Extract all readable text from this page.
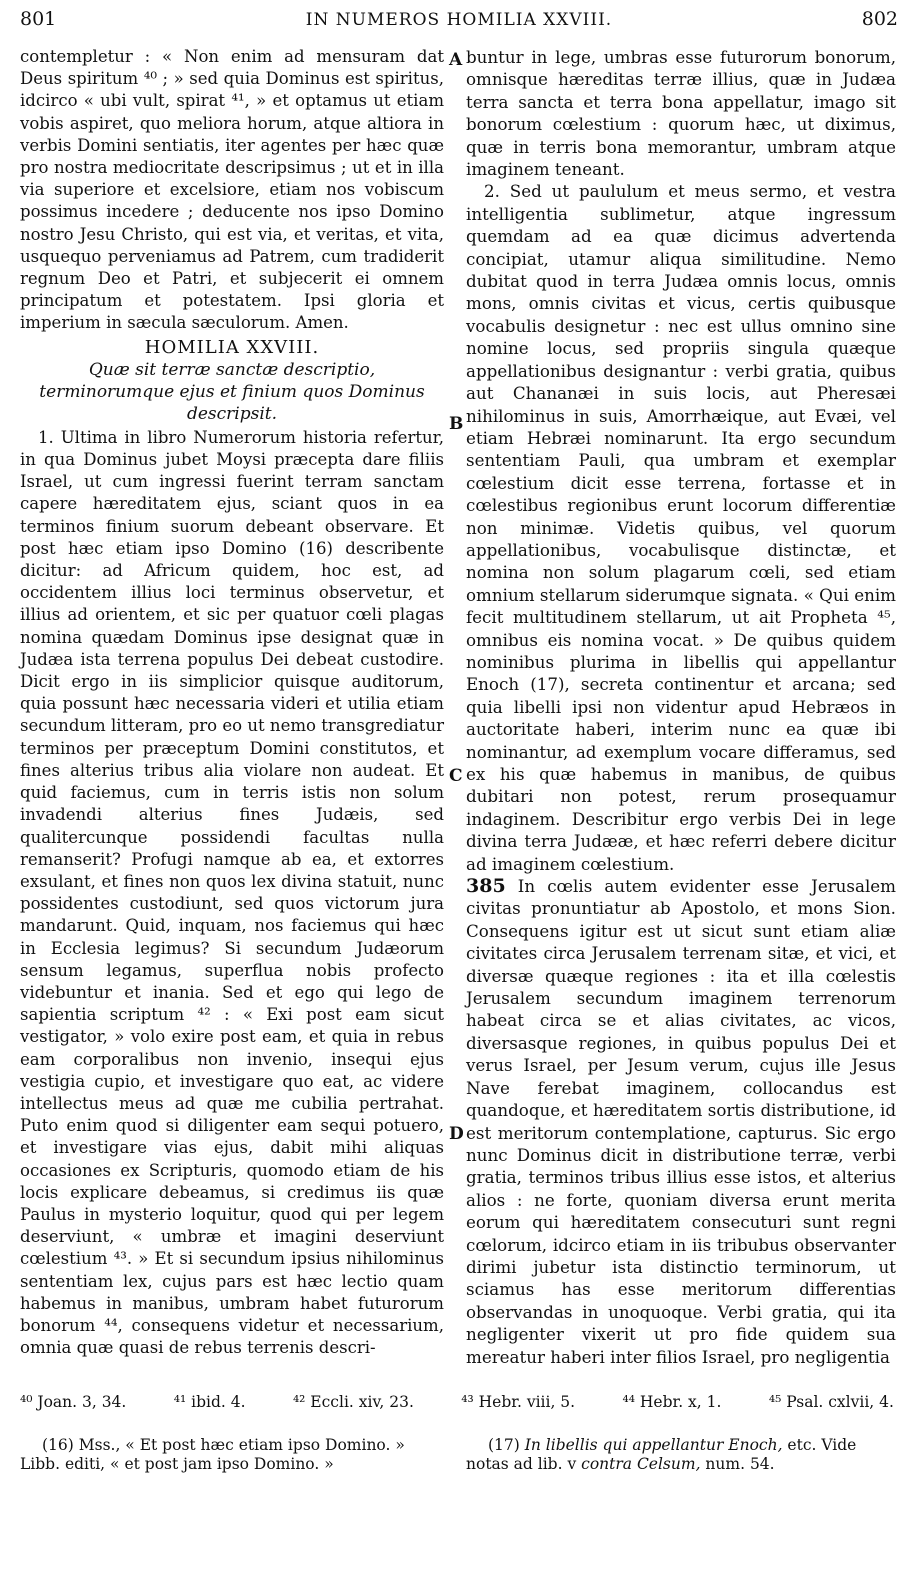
801	IN NUMEROS HOMILIA XXVIII.	802
A
B
C
D

contempletur : « Non enim ad mensuram dat Deus spiritum ⁴⁰ ; » sed quia Dominus est spiritus, idcirco « ubi vult, spirat ⁴¹, » et optamus ut etiam vobis aspiret, quo meliora horum, atque altiora in verbis Domini sentiatis, iter agentes per hæc quæ pro nostra mediocritate descripsimus ; ut et in illa via superiore et excelsiore, etiam nos vobiscum possimus incedere ; deducente nos ipso Domino nostro Jesu Christo, qui est via, et veritas, et vita, usquequo perveniamus ad Patrem, cum tradiderit regnum Deo et Patri, et subjecerit ei omnem principatum et potestatem. Ipsi gloria et imperium in sæcula sæculorum. Amen.

HOMILIA XXVIII.
Quæ sit terræ sanctæ descriptio, terminorumque ejus et finium quos Dominus descripsit.

1. Ultima in libro Numerorum historia refertur, in qua Dominus jubet Moysi præcepta dare filiis Israel, ut cum ingressi fuerint terram sanctam capere hæreditatem ejus, sciant quos in ea terminos finium suorum debeant observare. Et post hæc etiam ipso Domino (16) describente dicitur: ad Africum quidem, hoc est, ad occidentem illius loci terminus observetur, et illius ad orientem, et sic per quatuor cœli plagas nomina quædam Dominus ipse designat quæ in Judæa ista terrena populus Dei debeat custodire. Dicit ergo in iis simplicior quisque auditorum, quia possunt hæc necessaria videri et utilia etiam secundum litteram, pro eo ut nemo transgrediatur terminos per præceptum Domini constitutos, et fines alterius tribus alia violare non audeat. Et quid faciemus, cum in terris istis non solum invadendi alterius fines Judæis, sed qualitercunque possidendi facultas nulla remanserit? Profugi namque ab ea, et extorres exsulant, et fines non quos lex divina statuit, nunc possidentes custodiunt, sed quos victorum jura mandarunt. Quid, inquam, nos faciemus qui hæc in Ecclesia legimus? Si secundum Judæorum sensum legamus, superflua nobis profecto videbuntur et inania. Sed et ego qui lego de sapientia scriptum ⁴² : « Exi post eam sicut vestigator, » volo exire post eam, et quia in rebus eam corporalibus non invenio, insequi ejus vestigia cupio, et investigare quo eat, ac videre intellectus meus ad quæ me cubilia pertrahat. Puto enim quod si diligenter eam sequi potuero, et investigare vias ejus, dabit mihi aliquas occasiones ex Scripturis, quomodo etiam de his locis explicare debeamus, si credimus iis quæ Paulus in mysterio loquitur, quod qui per legem deserviunt, « umbræ et imagini deserviunt cœlestium ⁴³. » Et si secundum ipsius nihilominus sententiam lex, cujus pars est hæc lectio quam habemus in manibus, umbram habet futurorum bonorum ⁴⁴, consequens videtur et necessarium, omnia quæ quasi de rebus terrenis descri-

buntur in lege, umbras esse futurorum bonorum, omnisque hæreditas terræ illius, quæ in Judæa terra sancta et terra bona appellatur, imago sit bonorum cœlestium : quorum hæc, ut diximus, quæ in terris bona memorantur, umbram atque imaginem teneant.

2. Sed ut paululum et meus sermo, et vestra intelligentia sublimetur, atque ingressum quemdam ad ea quæ dicimus advertenda concipiat, utamur aliqua similitudine. Nemo dubitat quod in terra Judæa omnis locus, omnis mons, omnis civitas et vicus, certis quibusque vocabulis designetur : nec est ullus omnino sine nomine locus, sed propriis singula quæque appellationibus designantur : verbi gratia, quibus aut Chananæi in suis locis, aut Pheresæi nihilominus in suis, Amorrhæique, aut Evæi, vel etiam Hebræi nominarunt. Ita ergo secundum sententiam Pauli, qua umbram et exemplar cœlestium dicit esse terrena, fortasse et in cœlestibus regionibus erunt locorum differentiæ non minimæ. Videtis quibus, vel quorum appellationibus, vocabulisque distinctæ, et nomina non solum plagarum cœli, sed etiam omnium stellarum siderumque signata. « Qui enim fecit multitudinem stellarum, ut ait Propheta ⁴⁵, omnibus eis nomina vocat. » De quibus quidem nominibus plurima in libellis qui appellantur Enoch (17), secreta continentur et arcana; sed quia libelli ipsi non videntur apud Hebræos in auctoritate haberi, interim nunc ea quæ ibi nominantur, ad exemplum vocare differamus, sed ex his quæ habemus in manibus, de quibus dubitari non potest, rerum prosequamur indaginem. Describitur ergo verbis Dei in lege divina terra Judææ, et hæc referri debere dicitur ad imaginem cœlestium.

385 In cœlis autem evidenter esse Jerusalem civitas pronuntiatur ab Apostolo, et mons Sion. Consequens igitur est ut sicut sunt etiam aliæ civitates circa Jerusalem terrenam sitæ, et vici, et diversæ quæque regiones : ita et illa cœlestis Jerusalem secundum imaginem terrenorum habeat circa se et alias civitates, ac vicos, diversasque regiones, in quibus populus Dei et verus Israel, per Jesum verum, cujus ille Jesus Nave ferebat imaginem, collocandus est quandoque, et hæreditatem sortis distributione, id est meritorum contemplatione, capturus. Sic ergo nunc Dominus dicit in distributione terræ, verbi gratia, terminos tribus illius esse istos, et alterius alios : ne forte, quoniam diversa erunt merita eorum qui hæreditatem consecuturi sunt regni cœlorum, idcirco etiam in iis tribubus observanter dirimi jubetur ista distinctio terminorum, ut sciamus has esse meritorum differentias observandas in unoquoque. Verbi gratia, qui ita negligenter vixerit ut pro fide quidem sua mereatur haberi inter filios Israel, pro negligentia

⁴⁰ Joan. 3, 34.	⁴¹ ibid. 4.	⁴² Eccli. xiv, 23.	⁴³ Hebr. viii, 5.	⁴⁴ Hebr. x, 1.	⁴⁵ Psal. cxlvii, 4.

(16) Mss., « Et post hæc etiam ipso Domino. » Libb. editi, « et post jam ipso Domino. »

(17) In libellis qui appellantur Enoch, etc. Vide notas ad lib. v contra Celsum, num. 54.
